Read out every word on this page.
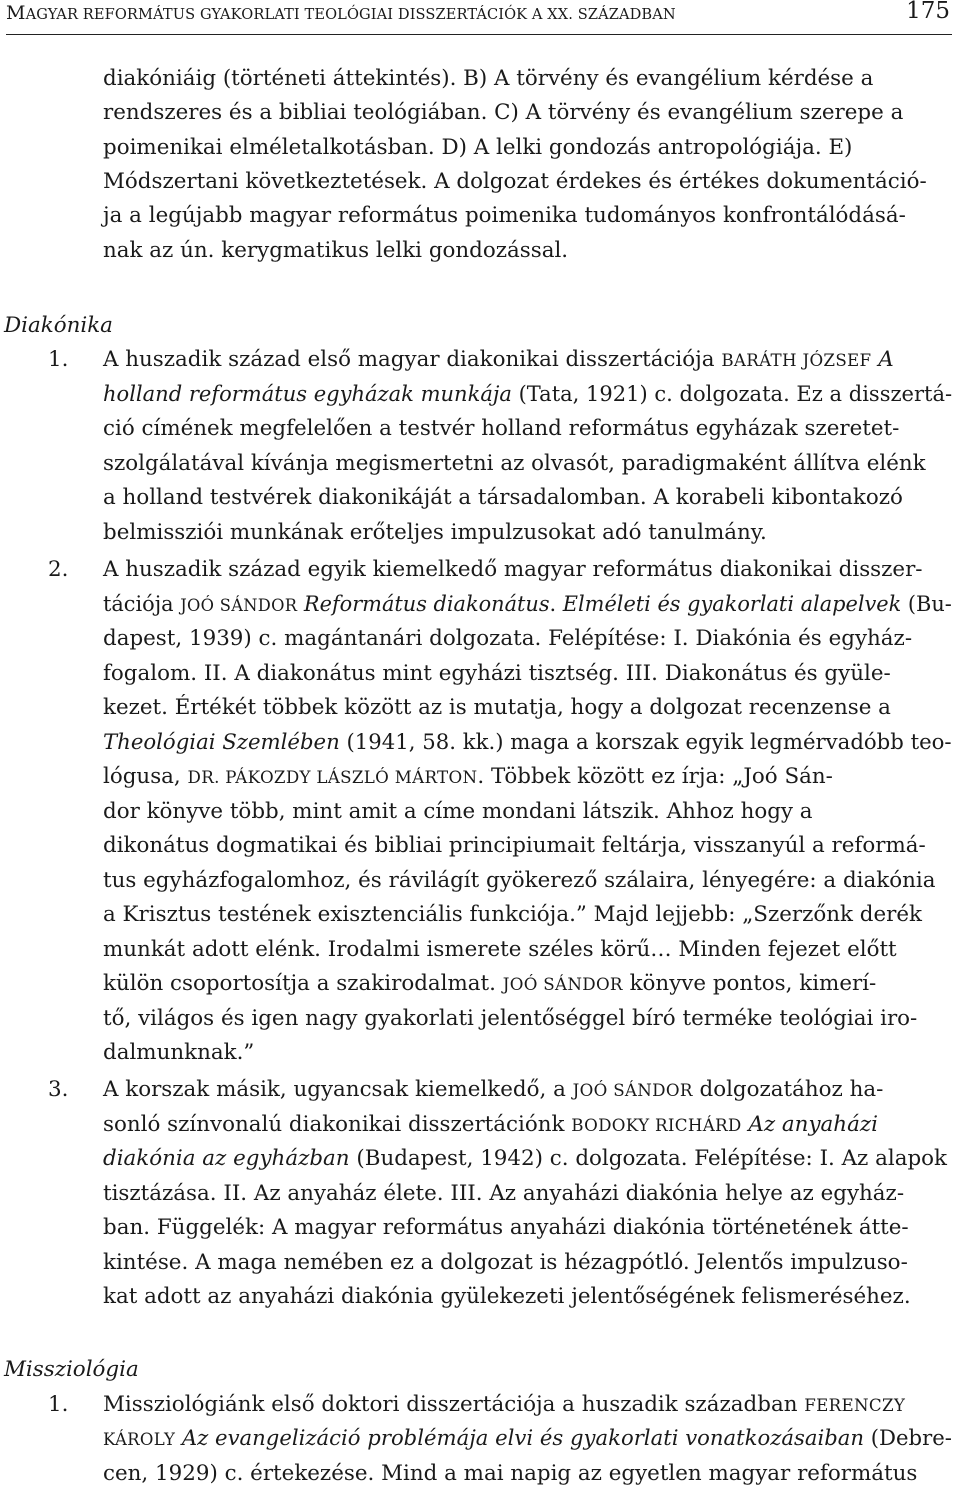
MAGYAR REFORMÁTUS GYAKORLATI TEOLÓGIAI DISSZERTÁCIÓK A XX. SZÁZADBAN	175
diakóniáig (történeti áttekintés). B) A törvény és evangélium kérdése a
rendszeres és a bibliai teológiában. C) A törvény és evangélium szerepe a
poimenikai elméletalkotásban. D) A lelki gondozás antropológiája. E)
Módszertani következtetések. A dolgozat érdekes és értékes dokumentáció-
ja a legújabb magyar református poimenika tudományos konfrontálódásá-
nak az ún. kerygmatikus lelki gondozással.
Diakónika
1. A huszadik század első magyar diakonikai disszertációja BARÁTH JÓZSEF A
holland református egyházak munkája (Tata, 1921) c. dolgozata. Ez a disszertá-
ció címének megfelelően a testvér holland református egyházak szeretet-
szolgálatával kívánja megismertetni az olvasót, paradigmaként állítva elénk
a holland testvérek diakonikáját a társadalomban. A korabeli kibontakozó
belmissziói munkának erőteljes impulzusokat adó tanulmány.
2. A huszadik század egyik kiemelkedő magyar református diakonikai disszer-
tációja JOÓ SÁNDOR Református diakonátus. Elméleti és gyakorlati alapelvek (Bu-
dapest, 1939) c. magántanári dolgozata. Felépítése: I. Diakónia és egyház-
fogalom. II. A diakonátus mint egyházi tisztség. III. Diakonátus és gyüle-
kezet. Értékét többek között az is mutatja, hogy a dolgozat recenzense a
Theológiai Szemlében (1941, 58. kk.) maga a korszak egyik legmérvadóbb teo-
lógusa, DR. PÁKOZDY LÁSZLÓ MÁRTON. Többek között ez írja: „Joó Sán-
dor könyve több, mint amit a címe mondani látszik. Ahhoz hogy a
dikonátus dogmatikai és bibliai principiumait feltárja, visszanyúl a reformá-
tus egyházfogalomhoz, és rávilágít gyökerező szálaira, lényegére: a diakónia
a Krisztus testének exisztenciális funkciója.” Majd lejjebb: „Szerzőnk derék
munkát adott elénk. Irodalmi ismerete széles körű… Minden fejezet előtt
külön csoportosítja a szakirodalmat. JOÓ SÁNDOR könyve pontos, kimerí-
tő, világos és igen nagy gyakorlati jelentőséggel bíró terméke teológiai iro-
dalmunknak.”
3. A korszak másik, ugyancsak kiemelkedő, a JOÓ SÁNDOR dolgozatához ha-
sonló színvonalú diakonikai disszertációnk BODOKY RICHÁRD Az anyaházi
diakónia az egyházban (Budapest, 1942) c. dolgozata. Felépítése: I. Az alapok
tisztázása. II. Az anyaház élete. III. Az anyaházi diakónia helye az egyház-
ban. Függelék: A magyar református anyaházi diakónia történetének átte-
kintése. A maga nemében ez a dolgozat is hézagpótló. Jelentős impulzuso-
kat adott az anyaházi diakónia gyülekezeti jelentőségének felismeréséhez.
Missziológia
1. Missziológiánk első doktori disszertációja a huszadik században FERENCZY
KÁROLY Az evangelizáció problémája elvi és gyakorlati vonatkozásaiban (Debre-
cen, 1929) c. értekezése. Mind a mai napig az egyetlen magyar református
